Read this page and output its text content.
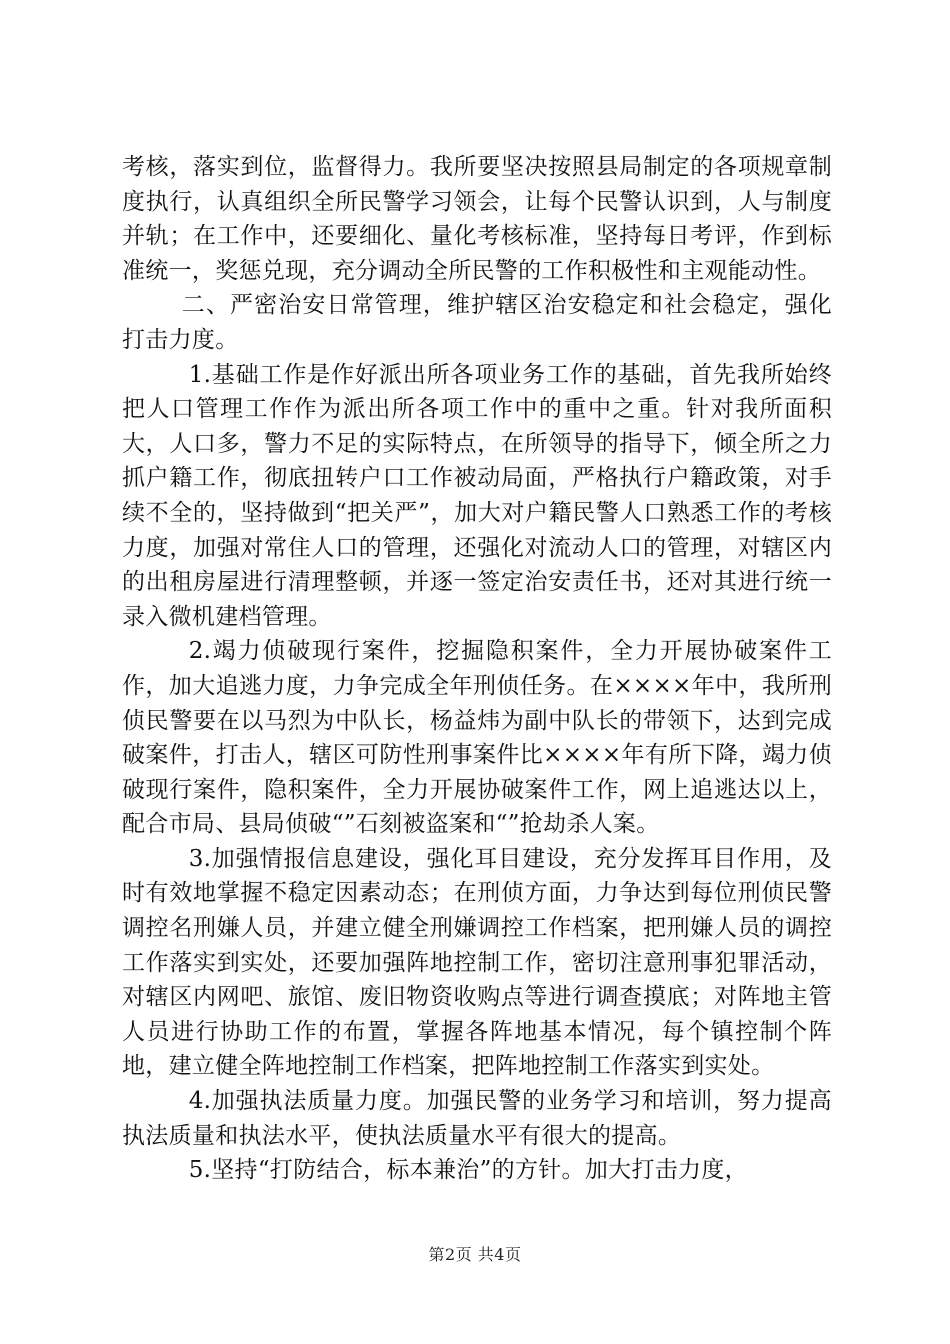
考核，落实到位，监督得力。我所要坚决按照县局制定的各项规章制度执行，认真组织全所民警学习领会，让每个民警认识到，人与制度并轨；在工作中，还要细化、量化考核标准，坚持每日考评，作到标准统一，奖惩兑现，充分调动全所民警的工作积极性和主观能动性。

二、严密治安日常管理，维护辖区治安稳定和社会稳定，强化打击力度。

1.基础工作是作好派出所各项业务工作的基础，首先我所始终把人口管理工作作为派出所各项工作中的重中之重。针对我所面积大，人口多，警力不足的实际特点，在所领导的指导下，倾全所之力抓户籍工作，彻底扭转户口工作被动局面，严格执行户籍政策，对手续不全的，坚持做到“把关严”，加大对户籍民警人口熟悉工作的考核力度，加强对常住人口的管理，还强化对流动人口的管理，对辖区内的出租房屋进行清理整顿，并逐一签定治安责任书，还对其进行统一录入微机建档管理。

2.竭力侦破现行案件，挖掘隐积案件，全力开展协破案件工作，加大追逃力度，力争完成全年刑侦任务。在××××年中，我所刑侦民警要在以马烈为中队长，杨益炜为副中队长的带领下，达到完成破案件，打击人，辖区可防性刑事案件比××××年有所下降，竭力侦破现行案件，隐积案件，全力开展协破案件工作，网上追逃达以上，配合市局、县局侦破“”石刻被盗案和“”抢劫杀人案。

3.加强情报信息建设，强化耳目建设，充分发挥耳目作用，及时有效地掌握不稳定因素动态；在刑侦方面，力争达到每位刑侦民警调控名刑嫌人员，并建立健全刑嫌调控工作档案，把刑嫌人员的调控工作落实到实处，还要加强阵地控制工作，密切注意刑事犯罪活动，对辖区内网吧、旅馆、废旧物资收购点等进行调查摸底；对阵地主管人员进行协助工作的布置，掌握各阵地基本情况，每个镇控制个阵地，建立健全阵地控制工作档案，把阵地控制工作落实到实处。

4.加强执法质量力度。加强民警的业务学习和培训，努力提高执法质量和执法水平，使执法质量水平有很大的提高。

5.坚持“打防结合，标本兼治”的方针。加大打击力度，

第2页 共4页
